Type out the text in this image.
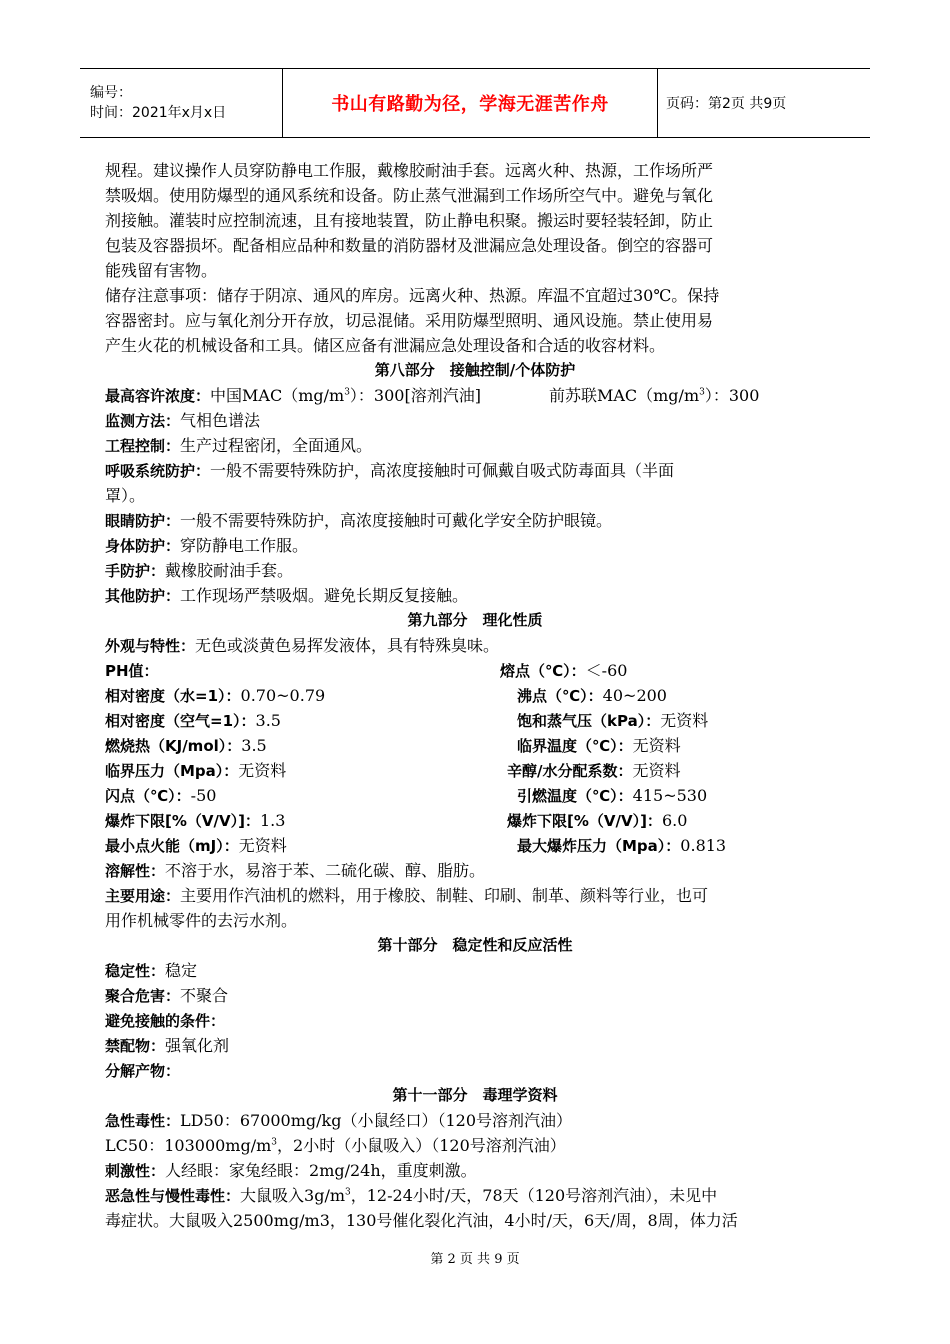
编号：
时间：2021年x月x日	书山有路勤为径，学海无涯苦作舟	页码：第2页 共9页
规程。建议操作人员穿防静电工作服，戴橡胶耐油手套。远离火种、热源，工作场所严
禁吸烟。使用防爆型的通风系统和设备。防止蒸气泄漏到工作场所空气中。避免与氧化
剂接触。灌装时应控制流速，且有接地装置，防止静电积聚。搬运时要轻装轻卸，防止
包装及容器损坏。配备相应品种和数量的消防器材及泄漏应急处理设备。倒空的容器可
能残留有害物。
储存注意事项：储存于阴凉、通风的库房。远离火种、热源。库温不宜超过30℃。保持
容器密封。应与氧化剂分开存放，切忌混储。采用防爆型照明、通风设施。禁止使用易
产生火花的机械设备和工具。储区应备有泄漏应急处理设备和合适的收容材料。
第八部分　接触控制/个体防护
最高容许浓度：中国$MAC(mg/m^3)$：300[溶剂汽油]	前苏联$MAC(mg/m^3)$：300
监测方法：气相色谱法
工程控制：生产过程密闭，全面通风。
呼吸系统防护：一般不需要特殊防护，高浓度接触时可佩戴自吸式防毒面具（半面
罩）。
眼睛防护：一般不需要特殊防护，高浓度接触时可戴化学安全防护眼镜。
身体防护：穿防静电工作服。
手防护：戴橡胶耐油手套。
其他防护：工作现场严禁吸烟。避免长期反复接触。
第九部分　理化性质
外观与特性：无色或淡黄色易挥发液体，具有特殊臭味。
PH值：	熔点（℃）：＜-60
相对密度（水=1）：0.70~0.79	沸点（℃）：40~200
相对密度（空气=1）：3.5	饱和蒸气压（kPa）：无资料
燃烧热（KJ/mol）：3.5	临界温度（℃）：无资料
临界压力（Mpa）：无资料	辛醇/水分配系数：无资料
闪点（℃）：-50	引燃温度（℃）：415~530
爆炸下限[%（V/V）]：1.3	爆炸下限[%（V/V）]：6.0
最小点火能（mJ）：无资料	最大爆炸压力（Mpa）：0.813
溶解性：不溶于水，易溶于苯、二硫化碳、醇、脂肪。
主要用途：主要用作汽油机的燃料，用于橡胶、制鞋、印刷、制革、颜料等行业，也可
用作机械零件的去污水剂。
第十部分　稳定性和反应活性
稳定性：稳定
聚合危害：不聚合
避免接触的条件：
禁配物：强氧化剂
分解产物：
第十一部分　毒理学资料
急性毒性：LD50：67000mg/kg（小鼠经口）（120号溶剂汽油）
LC50：$103000mg/m^3$，2小时（小鼠吸入）（120号溶剂汽油）
刺激性：人经眼：家兔经眼：2mg/24h，重度刺激。
恶急性与慢性毒性：大鼠吸入$3g/m^3$，12-24小时/天，78天（120号溶剂汽油），未见中
毒症状。大鼠吸入2500mg/m3，130号催化裂化汽油，4小时/天，6天/周，8周，体力活
第 2 页 共 9 页
